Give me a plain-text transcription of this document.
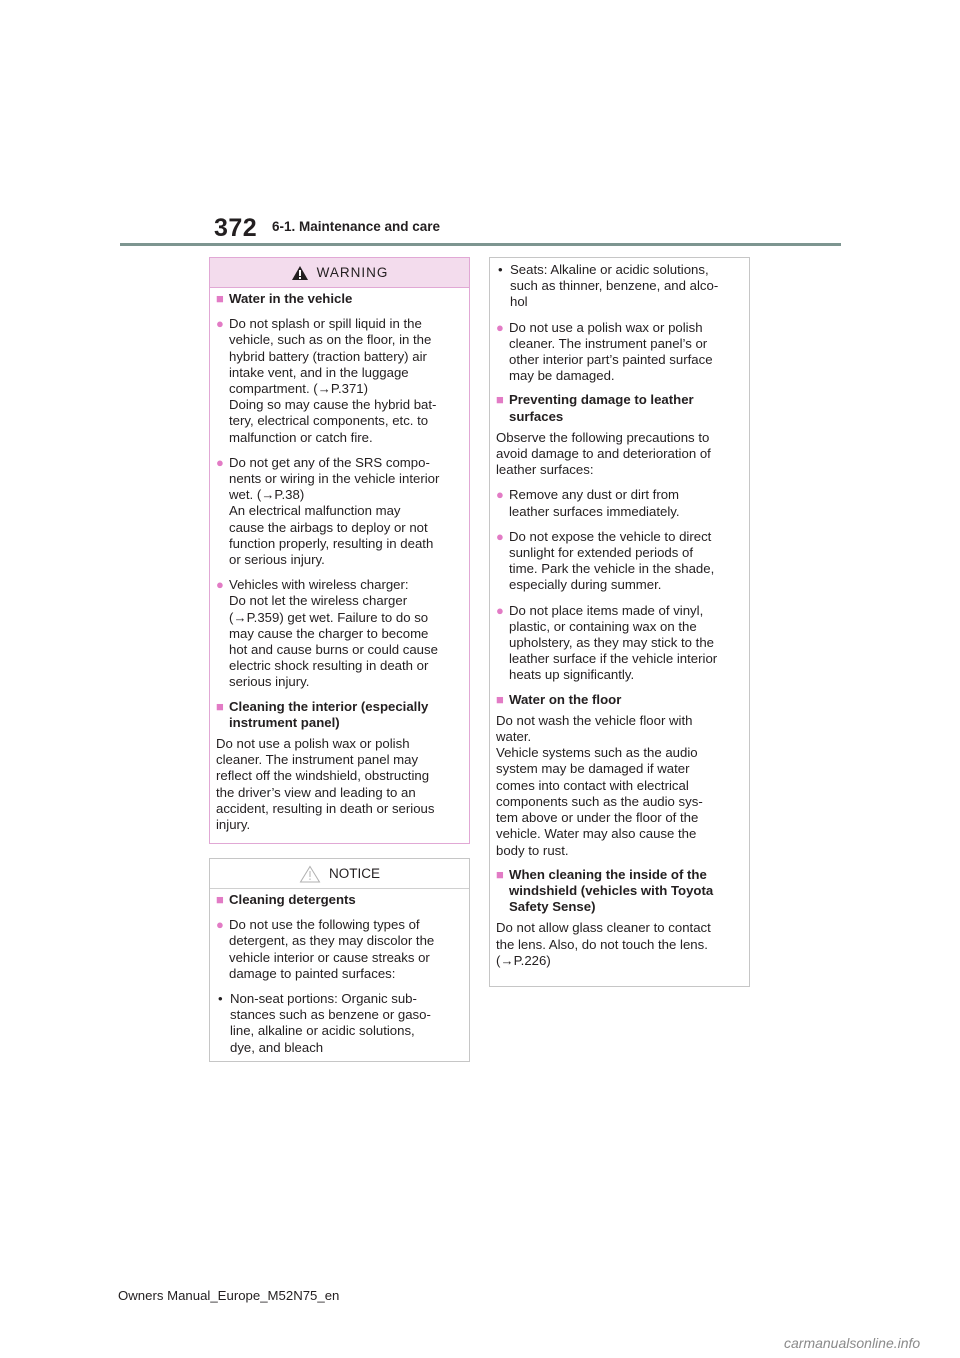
372 6-1. Maintenance and care
WARNING
■ Water in the vehicle
● Do not splash or spill liquid in the
vehicle, such as on the floor, in the
hybrid battery (traction battery) air
intake vent, and in the luggage
compartment. (→P.371)
Doing so may cause the hybrid bat-
tery, electrical components, etc. to
malfunction or catch fire.
● Do not get any of the SRS compo-
nents or wiring in the vehicle interior
wet. (→P.38)
An electrical malfunction may
cause the airbags to deploy or not
function properly, resulting in death
or serious injury.
● Vehicles with wireless charger:
Do not let the wireless charger
(→P.359) get wet. Failure to do so
may cause the charger to become
hot and cause burns or could cause
electric shock resulting in death or
serious injury.
■ Cleaning the interior (especially
instrument panel)
Do not use a polish wax or polish
cleaner. The instrument panel may
reflect off the windshield, obstructing
the driver’s view and leading to an
accident, resulting in death or serious
injury.
NOTICE
■ Cleaning detergents
● Do not use the following types of
detergent, as they may discolor the
vehicle interior or cause streaks or
damage to painted surfaces:
• Non-seat portions: Organic sub-
stances such as benzene or gaso-
line, alkaline or acidic solutions,
dye, and bleach
• Seats: Alkaline or acidic solutions,
such as thinner, benzene, and alco-
hol
● Do not use a polish wax or polish
cleaner. The instrument panel’s or
other interior part’s painted surface
may be damaged.
■ Preventing damage to leather
surfaces
Observe the following precautions to
avoid damage to and deterioration of
leather surfaces:
● Remove any dust or dirt from
leather surfaces immediately.
● Do not expose the vehicle to direct
sunlight for extended periods of
time. Park the vehicle in the shade,
especially during summer.
● Do not place items made of vinyl,
plastic, or containing wax on the
upholstery, as they may stick to the
leather surface if the vehicle interior
heats up significantly.
■ Water on the floor
Do not wash the vehicle floor with
water.
Vehicle systems such as the audio
system may be damaged if water
comes into contact with electrical
components such as the audio sys-
tem above or under the floor of the
vehicle. Water may also cause the
body to rust.
■ When cleaning the inside of the
windshield (vehicles with Toyota
Safety Sense)
Do not allow glass cleaner to contact
the lens. Also, do not touch the lens.
(→P.226)
Owners Manual_Europe_M52N75_en
carmanualsonline.info
